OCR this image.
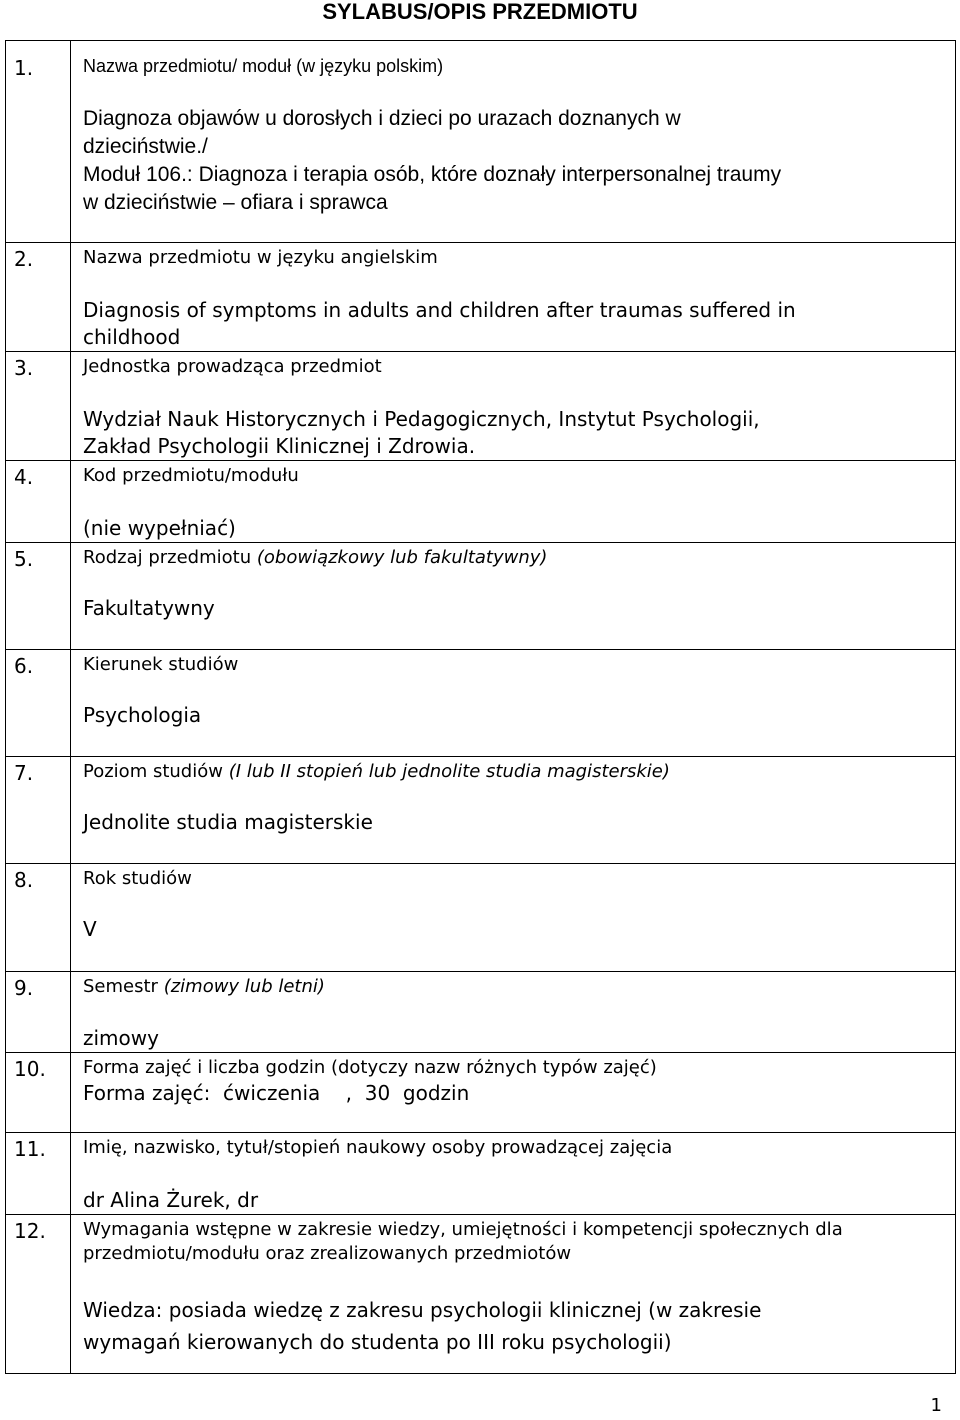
SYLABUS/OPIS PRZEDMIOTU
1.	Nazwa przedmiotu/ moduł (w języku polskim)
Diagnoza objawów u dorosłych i dzieci po urazach doznanych w
dzieciństwie./
Moduł 106.: Diagnoza i terapia osób, które doznały interpersonalnej traumy
w dzieciństwie – ofiara i sprawca

2.	Nazwa przedmiotu w języku angielskim
Diagnosis of symptoms in adults and children after traumas suffered in
childhood

3.	Jednostka prowadząca przedmiot
Wydział Nauk Historycznych i Pedagogicznych, Instytut Psychologii,
Zakład Psychologii Klinicznej i Zdrowia.

4.	Kod przedmiotu/modułu
(nie wypełniać)

5.	Rodzaj przedmiotu (obowiązkowy lub fakultatywny)
Fakultatywny

6.	Kierunek studiów
Psychologia

7.	Poziom studiów (I lub II stopień lub jednolite studia magisterskie)
Jednolite studia magisterskie

8.	Rok studiów
V

9.	Semestr (zimowy lub letni)
zimowy

10.	Forma zajęć i liczba godzin (dotyczy nazw różnych typów zajęć)
Forma zajęć:  ćwiczenia    ,  30  godzin

11.	Imię, nazwisko, tytuł/stopień naukowy osoby prowadzącej zajęcia
dr Alina Żurek, dr

12.	Wymagania wstępne w zakresie wiedzy, umiejętności i kompetencji społecznych dla
przedmiotu/modułu oraz zrealizowanych przedmiotów
Wiedza: posiada wiedzę z zakresu psychologii klinicznej (w zakresie
wymagań kierowanych do studenta po III roku psychologii)
1
